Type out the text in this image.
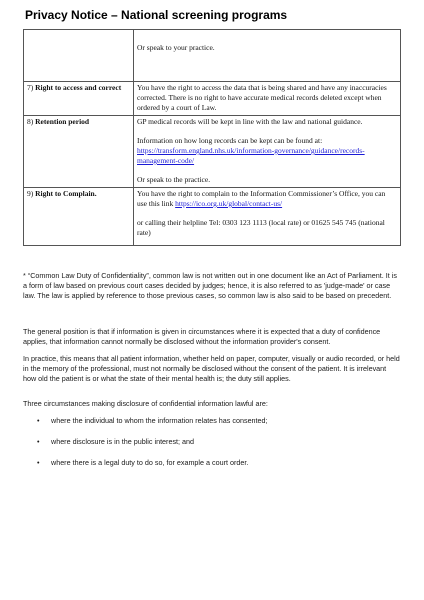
Privacy Notice – National screening programs

	Or speak to your practice.

7) Right to access and correct	You have the right to access the data that is being shared and have any inaccuracies corrected. There is no right to have accurate medical records deleted except when ordered by a court of Law.

8) Retention period	GP medical records will be kept in line with the law and national guidance.
Information on how long records can be kept can be found at:
https://transform.england.nhs.uk/information-governance/guidance/records-management-code/
Or speak to the practice.

9) Right to Complain.	You have the right to complain to the Information Commissioner’s Office, you can use this link https://ico.org.uk/global/contact-us/
or calling their helpline Tel: 0303 123 1113 (local rate) or 01625 545 745 (national rate)

* “Common Law Duty of Confidentiality”, common law is not written out in one document like an Act of Parliament. It is a form of law based on previous court cases decided by judges; hence, it is also referred to as 'judge-made' or case law. The law is applied by reference to those previous cases, so common law is also said to be based on precedent.

The general position is that if information is given in circumstances where it is expected that a duty of confidence applies, that information cannot normally be disclosed without the information provider's consent.

In practice, this means that all patient information, whether held on paper, computer, visually or audio recorded, or held in the memory of the professional, must not normally be disclosed without the consent of the patient. It is irrelevant how old the patient is or what the state of their mental health is; the duty still applies.

Three circumstances making disclosure of confidential information lawful are:

• where the individual to whom the information relates has consented;
• where disclosure is in the public interest; and
• where there is a legal duty to do so, for example a court order.
